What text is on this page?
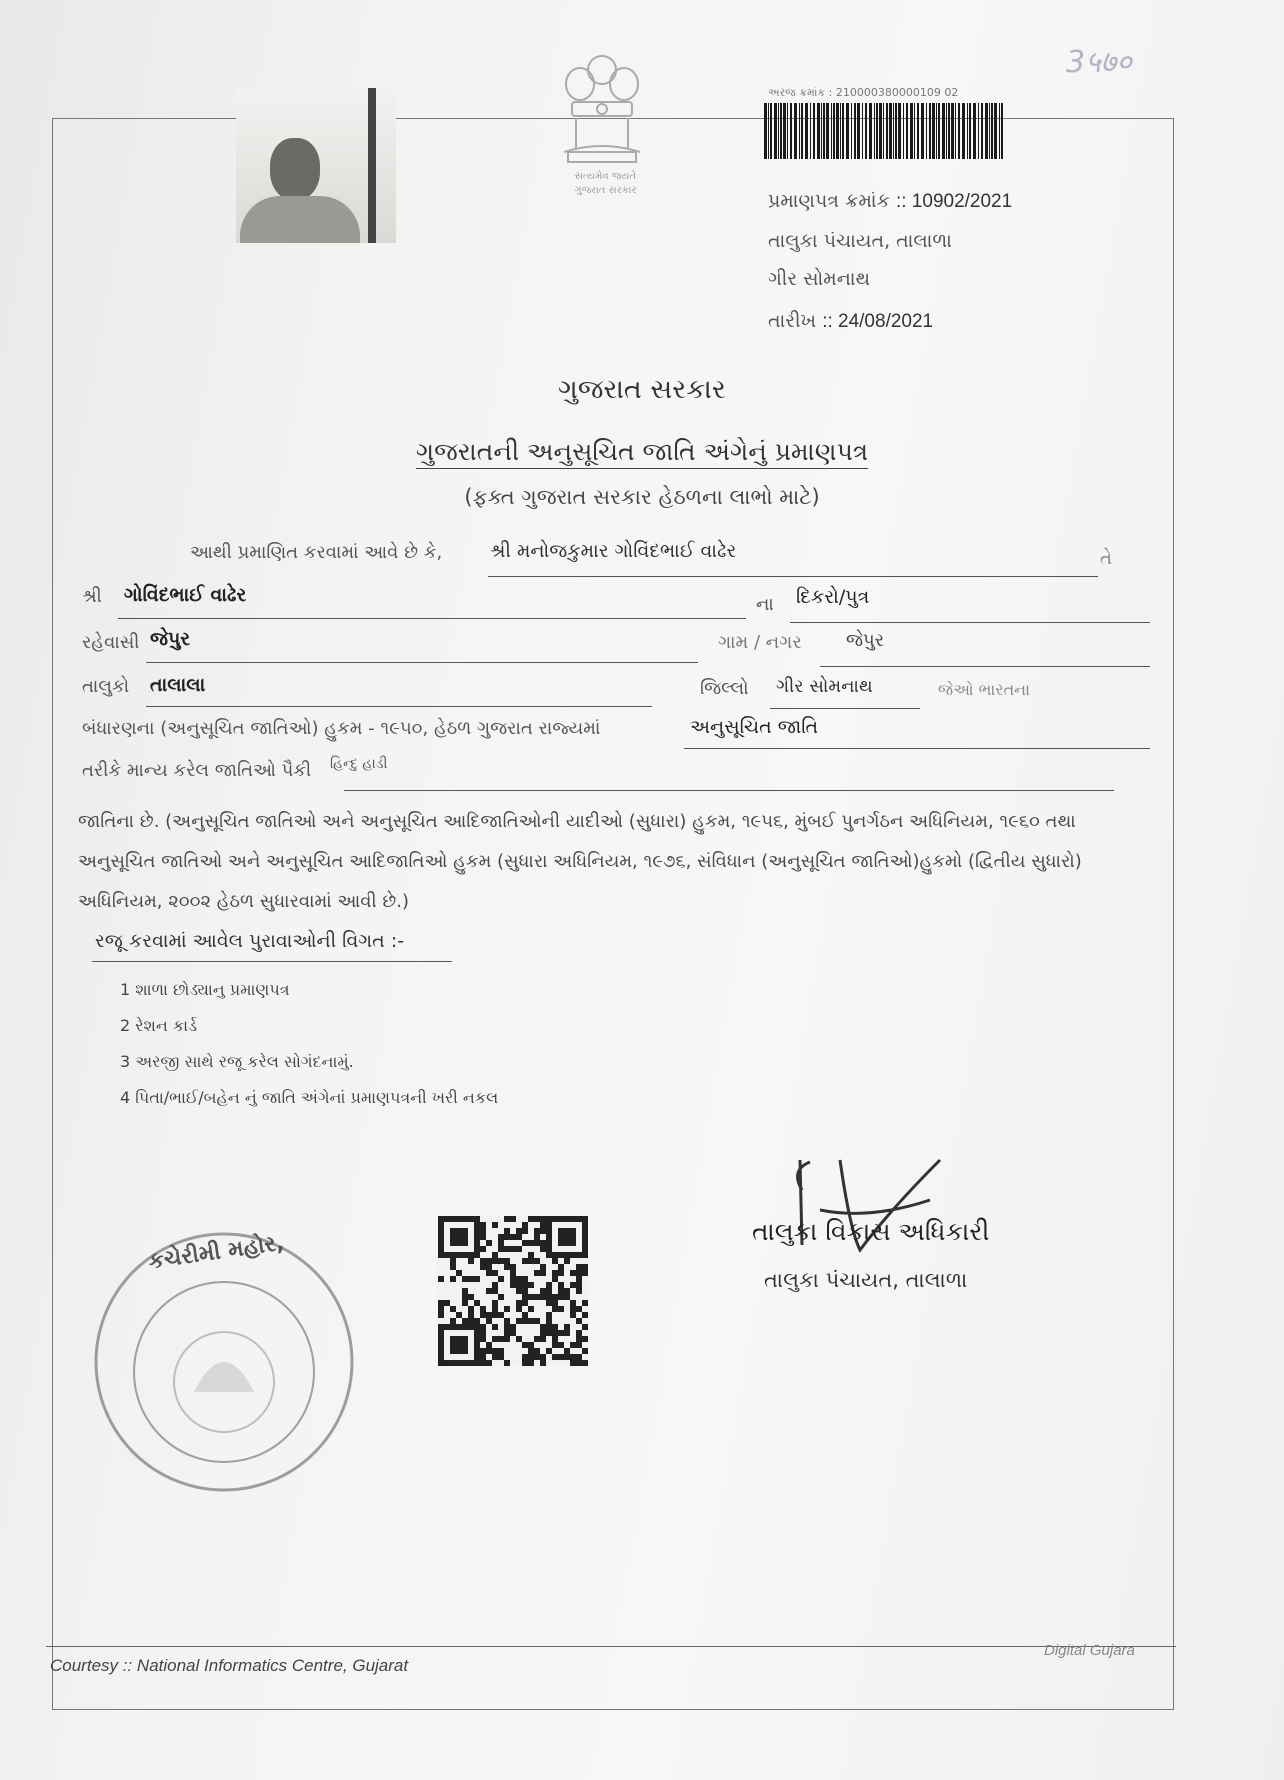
3५७०
સત્યમેવ જયતે
ગુજરાત સરકાર
અરજ ક્રમાંક : 210000380000109 02
પ્રમાણપત્ર ક્રમાંક :: 10902/2021
તાલુકા પંચાયત, તાલાળા
ગીર સોમનાથ
તારીખ :: 24/08/2021
ગુજરાત સરકાર
ગુજરાતની અનુસૂચિત જાતિ અંગેનું પ્રમાણપત્ર
(ફક્ત ગુજરાત સરકાર હેઠળના લાભો માટે)
આથી પ્રમાણિત કરવામાં આવે છે કે,	શ્રી મનોજકુમાર ગોવિંદભાઈ વાઢેર	તે
શ્રી ગોવિંદભાઈ વાઢેર	ના દિકરો/પુત્ર
રહેવાસી જેપુર	ગામ / નગર જેપુર
તાલુકો તાલાલા	જિલ્લો ગીર સોમનાથ	જેઓ ભારતના
બંધારણના (અનુસૂચિત જાતિઓ) હુકમ - ૧૯૫૦, હેઠળ ગુજરાત રાજ્યમાં	અનુસૂચિત જાતિ
તરીકે માન્ય કરેલ જાતિઓ પૈકી હિન્દુ હાડી
જાતિના છે. (અનુસૂચિત જાતિઓ અને અનુસૂચિત આદિજાતિઓની યાદીઓ (સુધારા) હુકમ, ૧૯૫૬, મુંબઈ પુનર્ગઠન અધિનિયમ, ૧૯૬૦ તથા અનુસૂચિત જાતિઓ અને અનુસૂચિત આદિજાતિઓ હુકમ (સુધારા અધિનિયમ, ૧૯૭૬, સંવિધાન (અનુસૂચિત જાતિઓ)હુકમો (દ્વિતીય સુધારો) અધિનિયમ, ૨૦૦૨ હેઠળ સુધારવામાં આવી છે.)
રજૂ કરવામાં આવેલ પુરાવાઓની વિગત :-
1 શાળા છોડ્યાનુ પ્રમાણપત્ર
2 રેશન કાર્ડ
3 અરજી સાથે રજૂ કરેલ સોગંદનામું.
4 પિતા/ભાઈ/બહેન નું જાતિ અંગેનાં પ્રમાણપત્રની ખરી નકલ
કચેરીમી મહોર,	તાલુકા વિકાસ અધિકારી
તાલુકા પંચાયત, તાલાળા
Courtesy :: National Informatics Centre, Gujarat
Digital Gujara
